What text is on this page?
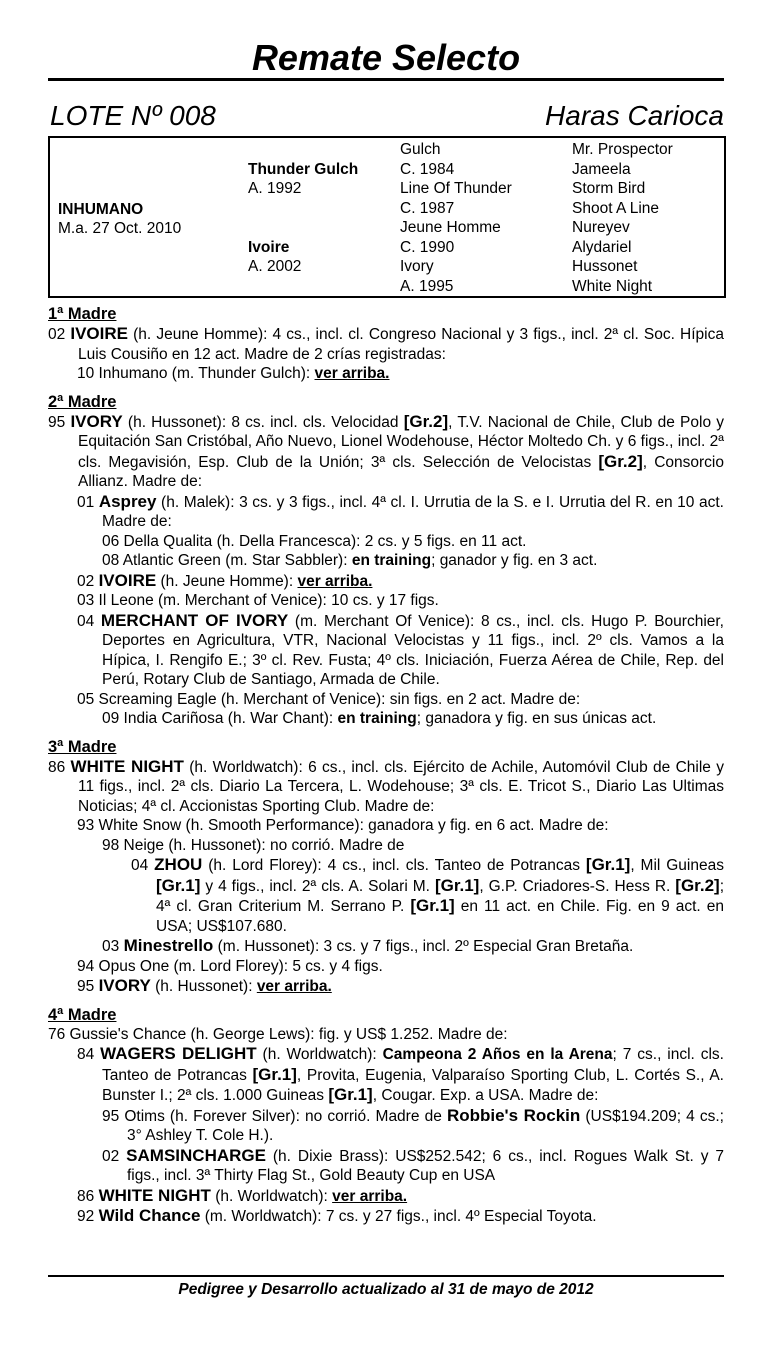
Remate Selecto
LOTE Nº 008	Haras Carioca
INHUMANO
M.a. 27 Oct. 2010
Thunder Gulch
A. 1992
Ivoire
A. 2002
Gulch
C. 1984
Line Of Thunder
C. 1987
Jeune Homme
C. 1990
Ivory
A. 1995
Mr. Prospector
Jameela
Storm Bird
Shoot A Line
Nureyev
Alydariel
Hussonet
White Night
1ª Madre

02 IVOIRE (h. Jeune Homme): 4 cs., incl. cl. Congreso Nacional y 3 figs., incl. 2ª cl. Soc. Hípica Luis Cousiño en 12 act. Madre de 2 crías registradas:

10 Inhumano (m. Thunder Gulch): ver arriba.

2ª Madre

95 IVORY (h. Hussonet): 8 cs. incl. cls. Velocidad [Gr.2], T.V. Nacional de Chile, Club de Polo y Equitación San Cristóbal, Año Nuevo, Lionel Wodehouse, Héctor Moltedo Ch. y 6 figs., incl. 2ª cls. Megavisión, Esp. Club de la Unión; 3ª cls. Selección de Velocistas [Gr.2], Consorcio Allianz. Madre de:

01 Asprey (h. Malek): 3 cs. y 3 figs., incl. 4ª cl. I. Urrutia de la S. e I. Urrutia del R. en 10 act. Madre de:

06 Della Qualita (h. Della Francesca): 2 cs. y 5 figs. en 11 act.

08 Atlantic Green (m. Star Sabbler): en training; ganador y fig. en 3 act.

02 IVOIRE (h. Jeune Homme): ver arriba.

03 Il Leone (m. Merchant of Venice): 10 cs. y 17 figs.

04 MERCHANT OF IVORY (m. Merchant Of Venice): 8 cs., incl. cls. Hugo P. Bourchier, Deportes en Agricultura, VTR, Nacional Velocistas y 11 figs., incl. 2º cls. Vamos a la Hípica, I. Rengifo E.; 3º cl. Rev. Fusta; 4º cls. Iniciación, Fuerza Aérea de Chile, Rep. del Perú, Rotary Club de Santiago, Armada de Chile.

05 Screaming Eagle (h. Merchant of Venice): sin figs. en 2 act. Madre de:

09 India Cariñosa (h. War Chant): en training; ganadora y fig. en sus únicas act.

3ª Madre

86 WHITE NIGHT (h. Worldwatch): 6 cs., incl. cls. Ejército de Achile, Automóvil Club de Chile y 11 figs., incl. 2ª cls. Diario La Tercera, L. Wodehouse; 3ª cls. E. Tricot S., Diario Las Ultimas Noticias; 4ª cl. Accionistas Sporting Club. Madre de:

93 White Snow (h. Smooth Performance): ganadora y fig. en 6 act. Madre de:

98 Neige (h. Hussonet): no corrió. Madre de

04 ZHOU (h. Lord Florey): 4 cs., incl. cls. Tanteo de Potrancas [Gr.1], Mil Guineas [Gr.1] y 4 figs., incl. 2ª cls. A. Solari M. [Gr.1], G.P. Criadores-S. Hess R. [Gr.2]; 4ª cl. Gran Criterium M. Serrano P. [Gr.1] en 11 act. en Chile. Fig. en 9 act. en USA; US$107.680.

03 Minestrello (m. Hussonet): 3 cs. y 7 figs., incl. 2º Especial Gran Bretaña.

94 Opus One (m. Lord Florey): 5 cs. y 4 figs.

95 IVORY (h. Hussonet): ver arriba.

4ª Madre

76 Gussie's Chance (h. George Lews): fig. y US$ 1.252. Madre de:

84 WAGERS DELIGHT (h. Worldwatch): Campeona 2 Años en la Arena; 7 cs., incl. cls. Tanteo de Potrancas [Gr.1], Provita, Eugenia, Valparaíso Sporting Club, L. Cortés S., A. Bunster I.; 2ª cls. 1.000 Guineas [Gr.1], Cougar. Exp. a USA. Madre de:

95 Otims (h. Forever Silver): no corrió. Madre de Robbie's Rockin (US$194.209; 4 cs.; 3° Ashley T. Cole H.).

02 SAMSINCHARGE (h. Dixie Brass): US$252.542; 6 cs., incl. Rogues Walk St. y 7 figs., incl. 3ª Thirty Flag St., Gold Beauty Cup en USA

86 WHITE NIGHT (h. Worldwatch): ver arriba.

92 Wild Chance (m. Worldwatch): 7 cs. y 27 figs., incl. 4º Especial Toyota.

Pedigree y Desarrollo actualizado al 31 de mayo de 2012
